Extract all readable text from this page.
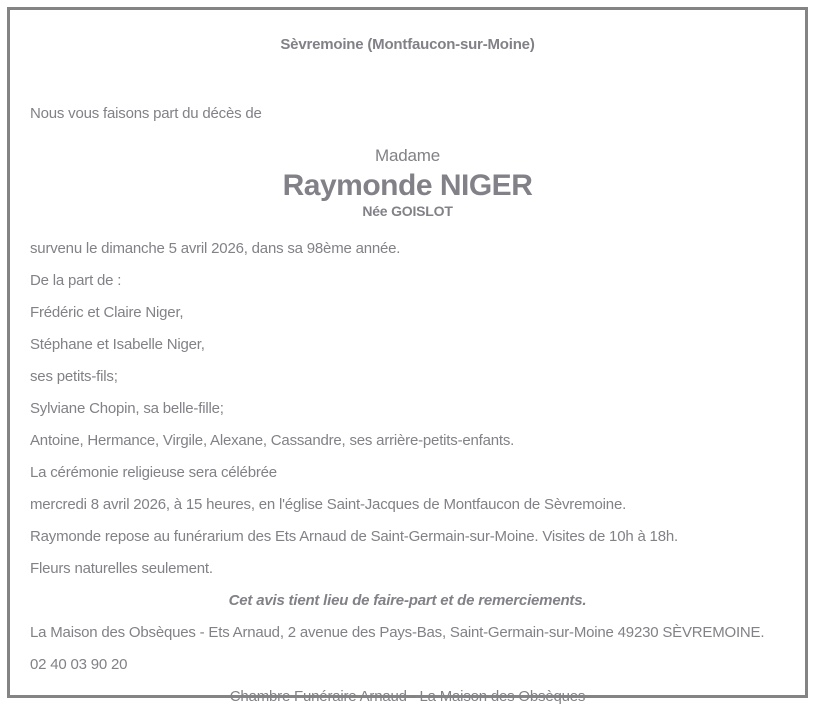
Sèvremoine (Montfaucon-sur-Moine)

Nous vous faisons part du décès de

Madame

Raymonde NIGER

Née GOISLOT

survenu le dimanche 5 avril 2026, dans sa 98ème année.

De la part de :

Frédéric et Claire Niger,

Stéphane et Isabelle Niger,

ses petits-fils;

Sylviane Chopin, sa belle-fille;

Antoine, Hermance, Virgile, Alexane, Cassandre, ses arrière-petits-enfants.

La cérémonie religieuse sera célébrée

mercredi 8 avril 2026, à 15 heures, en l'église Saint-Jacques de Montfaucon de Sèvremoine.

Raymonde repose au funérarium des Ets Arnaud de Saint-Germain-sur-Moine. Visites de 10h à 18h.

Fleurs naturelles seulement.

Cet avis tient lieu de faire-part et de remerciements.

La Maison des Obsèques - Ets Arnaud, 2 avenue des Pays-Bas, Saint-Germain-sur-Moine 49230 SÈVREMOINE.

02 40 03 90 20

Chambre Funéraire Arnaud - La Maison des Obsèques
